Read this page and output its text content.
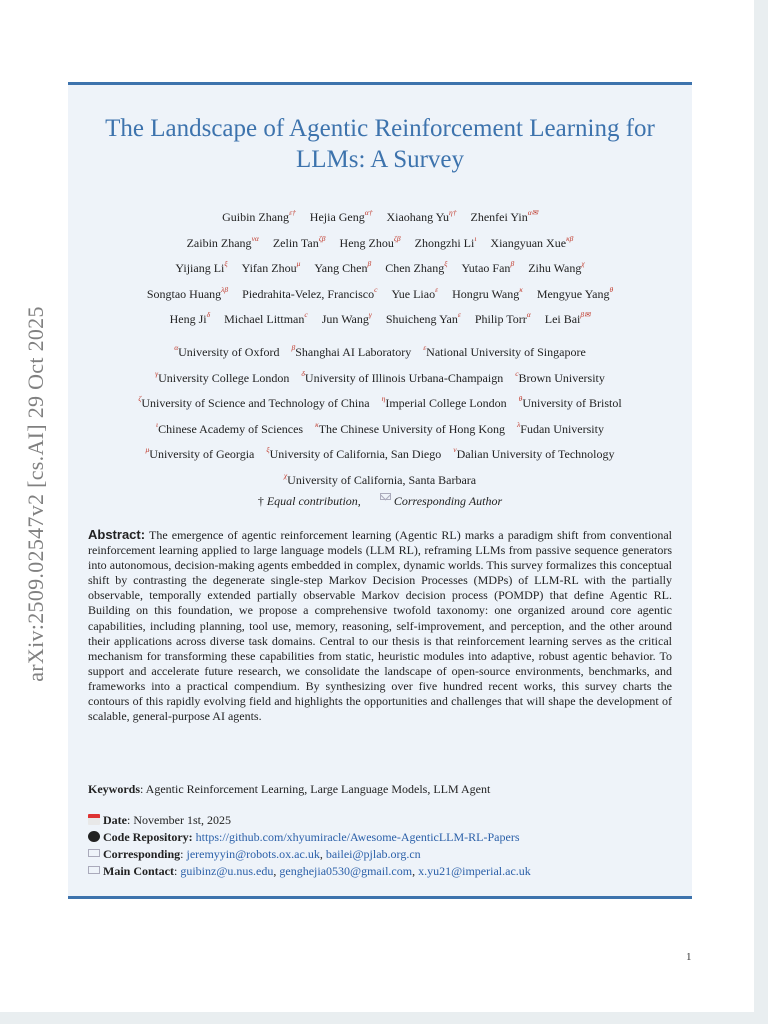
arXiv:2509.02547v2 [cs.AI] 29 Oct 2025
The Landscape of Agentic Reinforcement Learning for LLMs: A Survey
Guibin Zhang$^{\varepsilon\dagger}$ Hejia Geng$^{\alpha\dagger}$ Xiaohang $Yu^{\eta\dagger}$ Zhenfei Yin$^{\alpha✉}$
Zaibin Zhang$^{\nu\alpha}$ Zelin Tan$^{\zeta\beta}$ Heng Zhou$^{\zeta\beta}$ Zhongzhi $Li^\iota$ Xiangyuan Xue$^{\kappa\beta}$
Yijiang $Li^\xi$ Yifan Zhou$^\mu$ Yang Chen$^\beta$ Chen Zhang$^\xi$ Yutao Fan$^\beta$ Zihu Wang$^\chi$
Songtao Huang$^{\lambda\beta}$ Piedrahita-Velez, Francisco$^c$ Yue Liao$^\varepsilon$ Hongru Wang$^\kappa$ Mengyue Yang$^\theta$
Heng $Ji^\delta$ Michael Littman$^c$ Jun Wang$^\gamma$ Shuicheng Yan$^\varepsilon$ Philip Torr$^\alpha$ Lei Bai$^{\beta✉}$
$^\alpha$University of Oxford $^\beta$Shanghai AI Laboratory $^\varepsilon$National University of Singapore
$^\gamma$University College London $^\delta$University of Illinois Urbana-Champaign $^c$Brown University
$^\zeta$University of Science and Technology of China $^\eta$Imperial College London $^\theta$University of Bristol
$^\iota$Chinese Academy of Sciences $^\kappa$The Chinese University of Hong Kong $^\lambda$Fudan University
$^\mu$University of Georgia $^\xi$University of California, San Diego $^\nu$Dalian University of Technology
$^\chi$University of California, Santa Barbara
† Equal contribution,	Corresponding Author
Abstract: The emergence of agentic reinforcement learning (Agentic RL) marks a paradigm shift from conventional reinforcement learning applied to large language models (LLM RL), reframing LLMs from passive sequence generators into autonomous, decision-making agents embedded in complex, dynamic worlds. This survey formalizes this conceptual shift by contrasting the degenerate single-step Markov Decision Processes (MDPs) of LLM-RL with the partially observable, temporally extended partially observable Markov decision process (POMDP) that define Agentic RL. Building on this foundation, we propose a comprehensive twofold taxonomy: one organized around core agentic capabilities, including planning, tool use, memory, reasoning, self-improvement, and perception, and the other around their applications across diverse task domains. Central to our thesis is that reinforcement learning serves as the critical mechanism for transforming these capabilities from static, heuristic modules into adaptive, robust agentic behavior. To support and accelerate future research, we consolidate the landscape of open-source environments, benchmarks, and frameworks into a practical compendium. By synthesizing over five hundred recent works, this survey charts the contours of this rapidly evolving field and highlights the opportunities and challenges that will shape the development of scalable, general-purpose AI agents.
Keywords: Agentic Reinforcement Learning, Large Language Models, LLM Agent
Date: November 1st, 2025
Code Repository: https://github.com/xhyumiracle/Awesome-AgenticLLM-RL-Papers
Corresponding: jeremyyin@robots.ox.ac.uk, bailei@pjlab.org.cn
Main Contact: guibinz@u.nus.edu, genghejia0530@gmail.com, x.yu21@imperial.ac.uk
1
